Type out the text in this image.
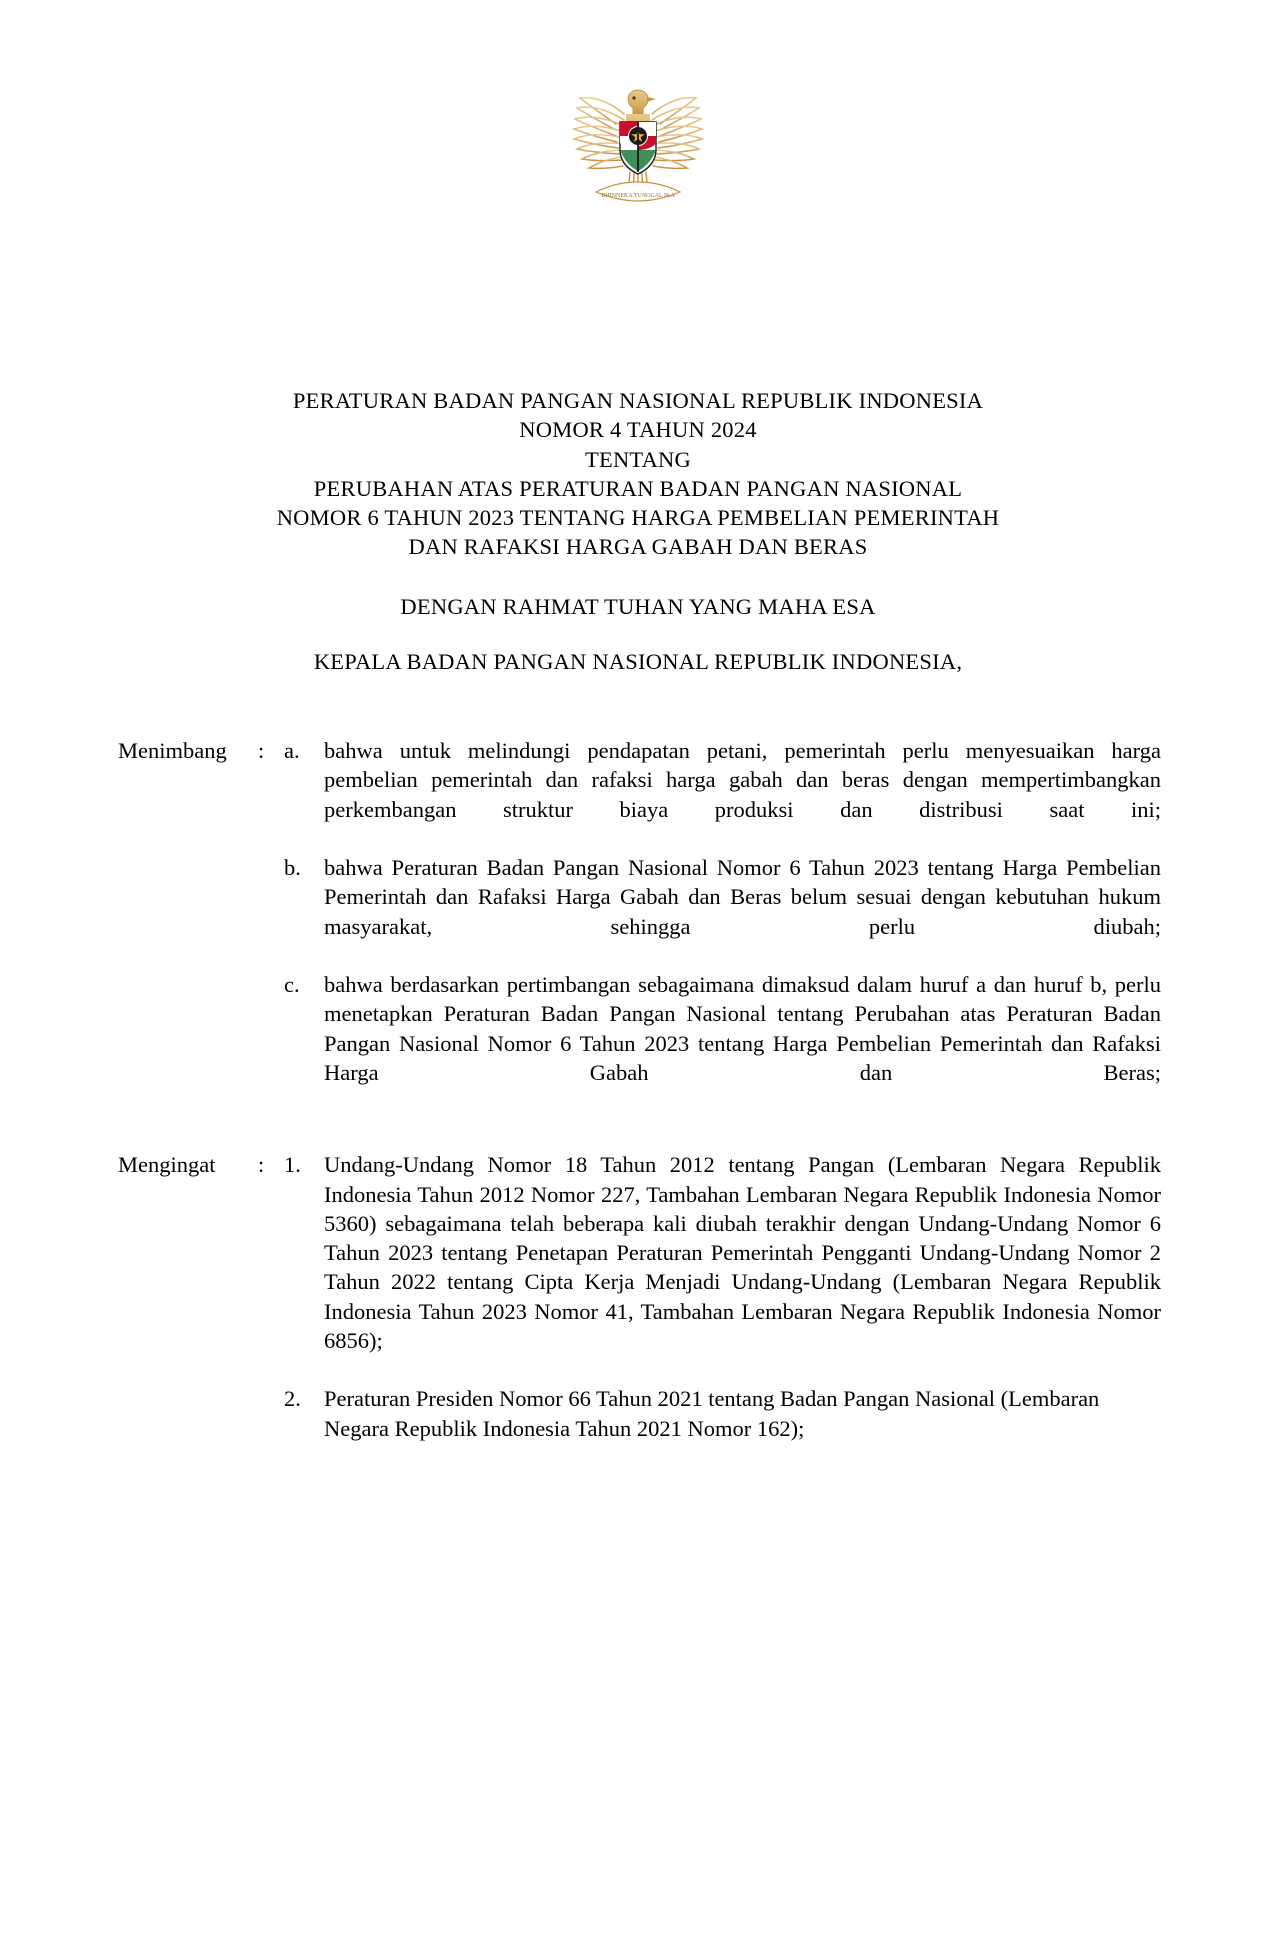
BHINNEKA TUNGGAL IKA
PERATURAN BADAN PANGAN NASIONAL REPUBLIK INDONESIA
NOMOR 4 TAHUN 2024
TENTANG
PERUBAHAN ATAS PERATURAN BADAN PANGAN NASIONAL
NOMOR 6 TAHUN 2023 TENTANG HARGA PEMBELIAN PEMERINTAH
DAN RAFAKSI HARGA GABAH DAN BERAS
DENGAN RAHMAT TUHAN YANG MAHA ESA
KEPALA BADAN PANGAN NASIONAL REPUBLIK INDONESIA,
Menimbang	: a.	bahwa untuk melindungi pendapatan petani, pemerintah perlu menyesuaikan harga pembelian pemerintah dan rafaksi harga gabah dan beras dengan mempertimbangkan perkembangan struktur biaya produksi dan distribusi saat ini;
b.	bahwa Peraturan Badan Pangan Nasional Nomor 6 Tahun 2023 tentang Harga Pembelian Pemerintah dan Rafaksi Harga Gabah dan Beras belum sesuai dengan kebutuhan hukum masyarakat, sehingga perlu diubah;
c.	bahwa berdasarkan pertimbangan sebagaimana dimaksud dalam huruf a dan huruf b, perlu menetapkan Peraturan Badan Pangan Nasional tentang Perubahan atas Peraturan Badan Pangan Nasional Nomor 6 Tahun 2023 tentang Harga Pembelian Pemerintah dan Rafaksi Harga Gabah dan Beras;
Mengingat	: 1.	Undang-Undang Nomor 18 Tahun 2012 tentang Pangan (Lembaran Negara Republik Indonesia Tahun 2012 Nomor 227, Tambahan Lembaran Negara Republik Indonesia Nomor 5360) sebagaimana telah beberapa kali diubah terakhir dengan Undang-Undang Nomor 6 Tahun 2023 tentang Penetapan Peraturan Pemerintah Pengganti Undang-Undang Nomor 2 Tahun 2022 tentang Cipta Kerja Menjadi Undang-Undang (Lembaran Negara Republik Indonesia Tahun 2023 Nomor 41, Tambahan Lembaran Negara Republik Indonesia Nomor 6856);
2.	Peraturan Presiden Nomor 66 Tahun 2021 tentang Badan Pangan Nasional (Lembaran Negara Republik Indonesia Tahun 2021 Nomor 162);
